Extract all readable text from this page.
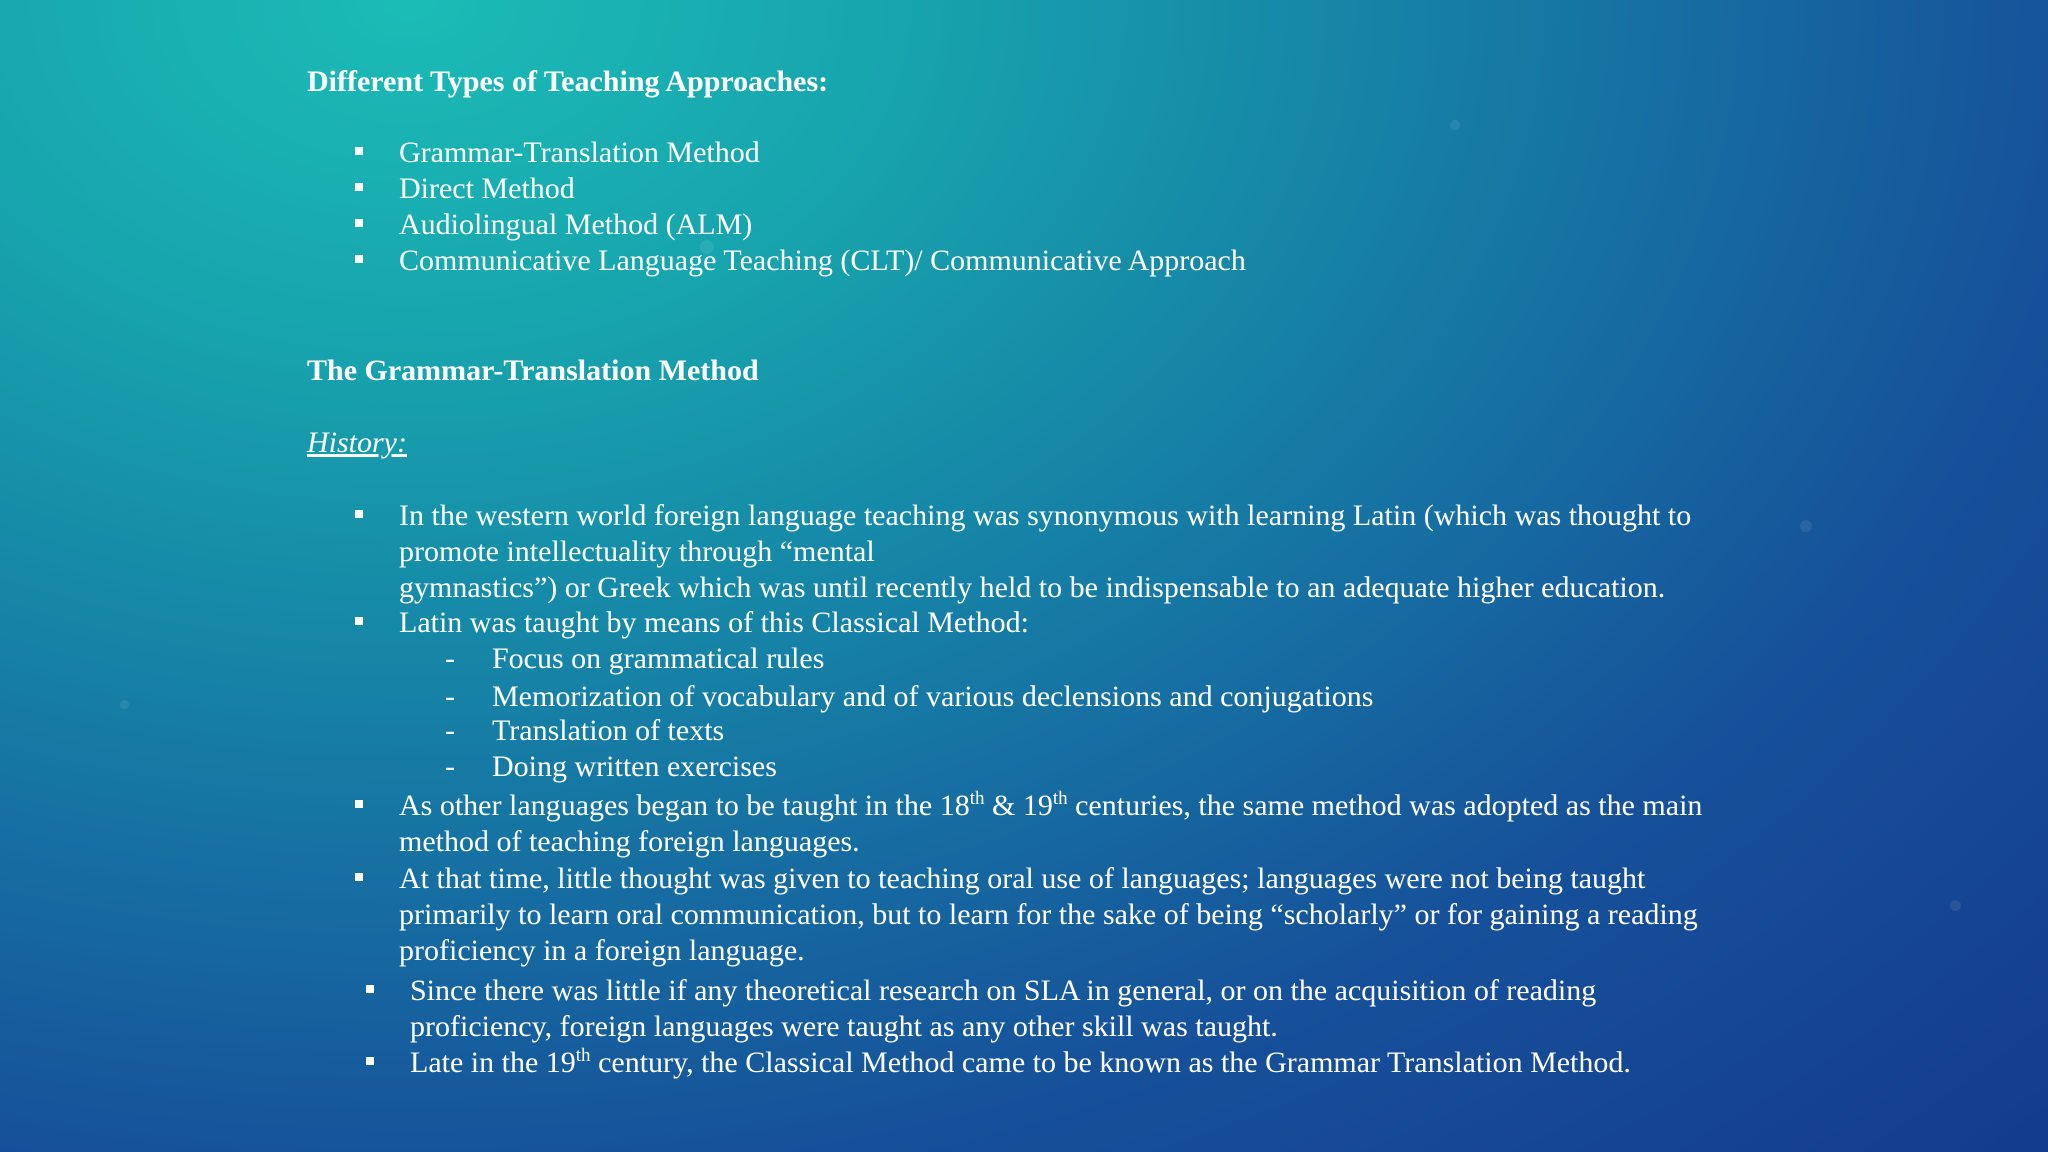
Different Types of Teaching Approaches:
Grammar-Translation Method
Direct Method
Audiolingual Method (ALM)
Communicative Language Teaching (CLT)/ Communicative Approach
The Grammar-Translation Method
History:
In the western world foreign language teaching was synonymous with learning Latin (which was thought to
promote intellectuality through “mental
gymnastics”) or Greek which was until recently held to be indispensable to an adequate higher education.
Latin was taught by means of this Classical Method:
- Focus on grammatical rules
- Memorization of vocabulary and of various declensions and conjugations
- Translation of texts
- Doing written exercises
As other languages began to be taught in the 18th & 19th centuries, the same method was adopted as the main
method of teaching foreign languages.
At that time, little thought was given to teaching oral use of languages; languages were not being taught
primarily to learn oral communication, but to learn for the sake of being “scholarly” or for gaining a reading
proficiency in a foreign language.
Since there was little if any theoretical research on SLA in general, or on the acquisition of reading
proficiency, foreign languages were taught as any other skill was taught.
Late in the 19th century, the Classical Method came to be known as the Grammar Translation Method.
